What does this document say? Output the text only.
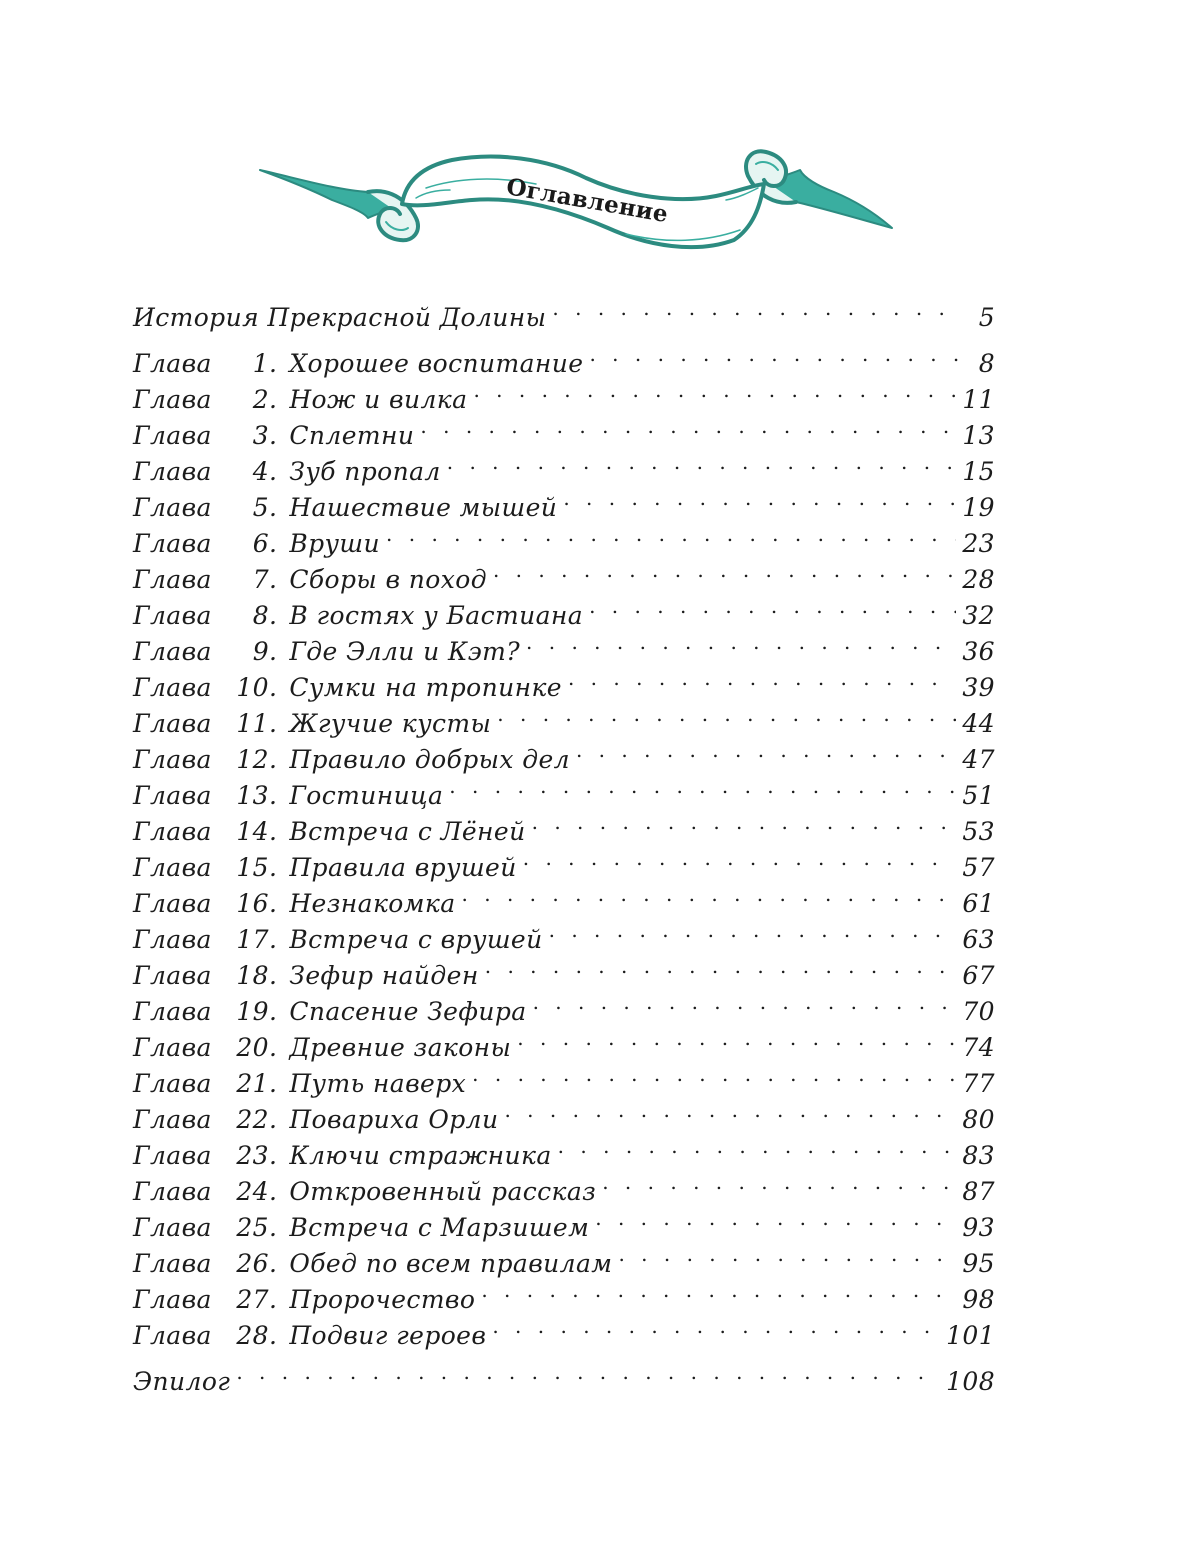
Оглавление
История Прекрасной Долины . . .	5
Глава	1 . Хорошее воспитание . . .	8
Глава	2 . Нож и вилка . . .	11
Глава	3 . Сплетни . . .	13
Глава	4 . Зуб пропал . . .	15
Глава	5 . Нашествие мышей . . .	19
Глава	6 . Вруши . . .	23
Глава	7 . Сборы в поход . . .	28
Глава	8 . В гостях у Бастиана . . .	32
Глава	9 . Где Элли и Кэт? . . .	36
Глава 10 . Сумки на тропинке . . .	39
Глава 11 . Жгучие кусты . . .	44
Глава 12 . Правило добрых дел . . .	47
Глава 13 . Гостиница . . .	51
Глава 14 . Встреча с Лёней . . .	53
Глава 15 . Правила врушей . . .	57
Глава 16 . Незнакомка . . .	61
Глава 17 . Встреча с врушей . . .	63
Глава 18 . Зефир найден . . .	67
Глава 19 . Спасение Зефира . . .	70
Глава 20 . Древние законы . . .	74
Глава 21 . Путь наверх . . .	77
Глава 22 . Повариха Орли . . .	80
Глава 23 . Ключи стражника . . .	83
Глава 24 . Откровенный рассказ . . .	87
Глава 25 . Встреча с Марзишем . . .	93
Глава 26 . Обед по всем правилам . . .	95
Глава 27 . Пророчество . . .	98
Глава 28 . Подвиг героев . . .	101
Эпилог . . .	108
